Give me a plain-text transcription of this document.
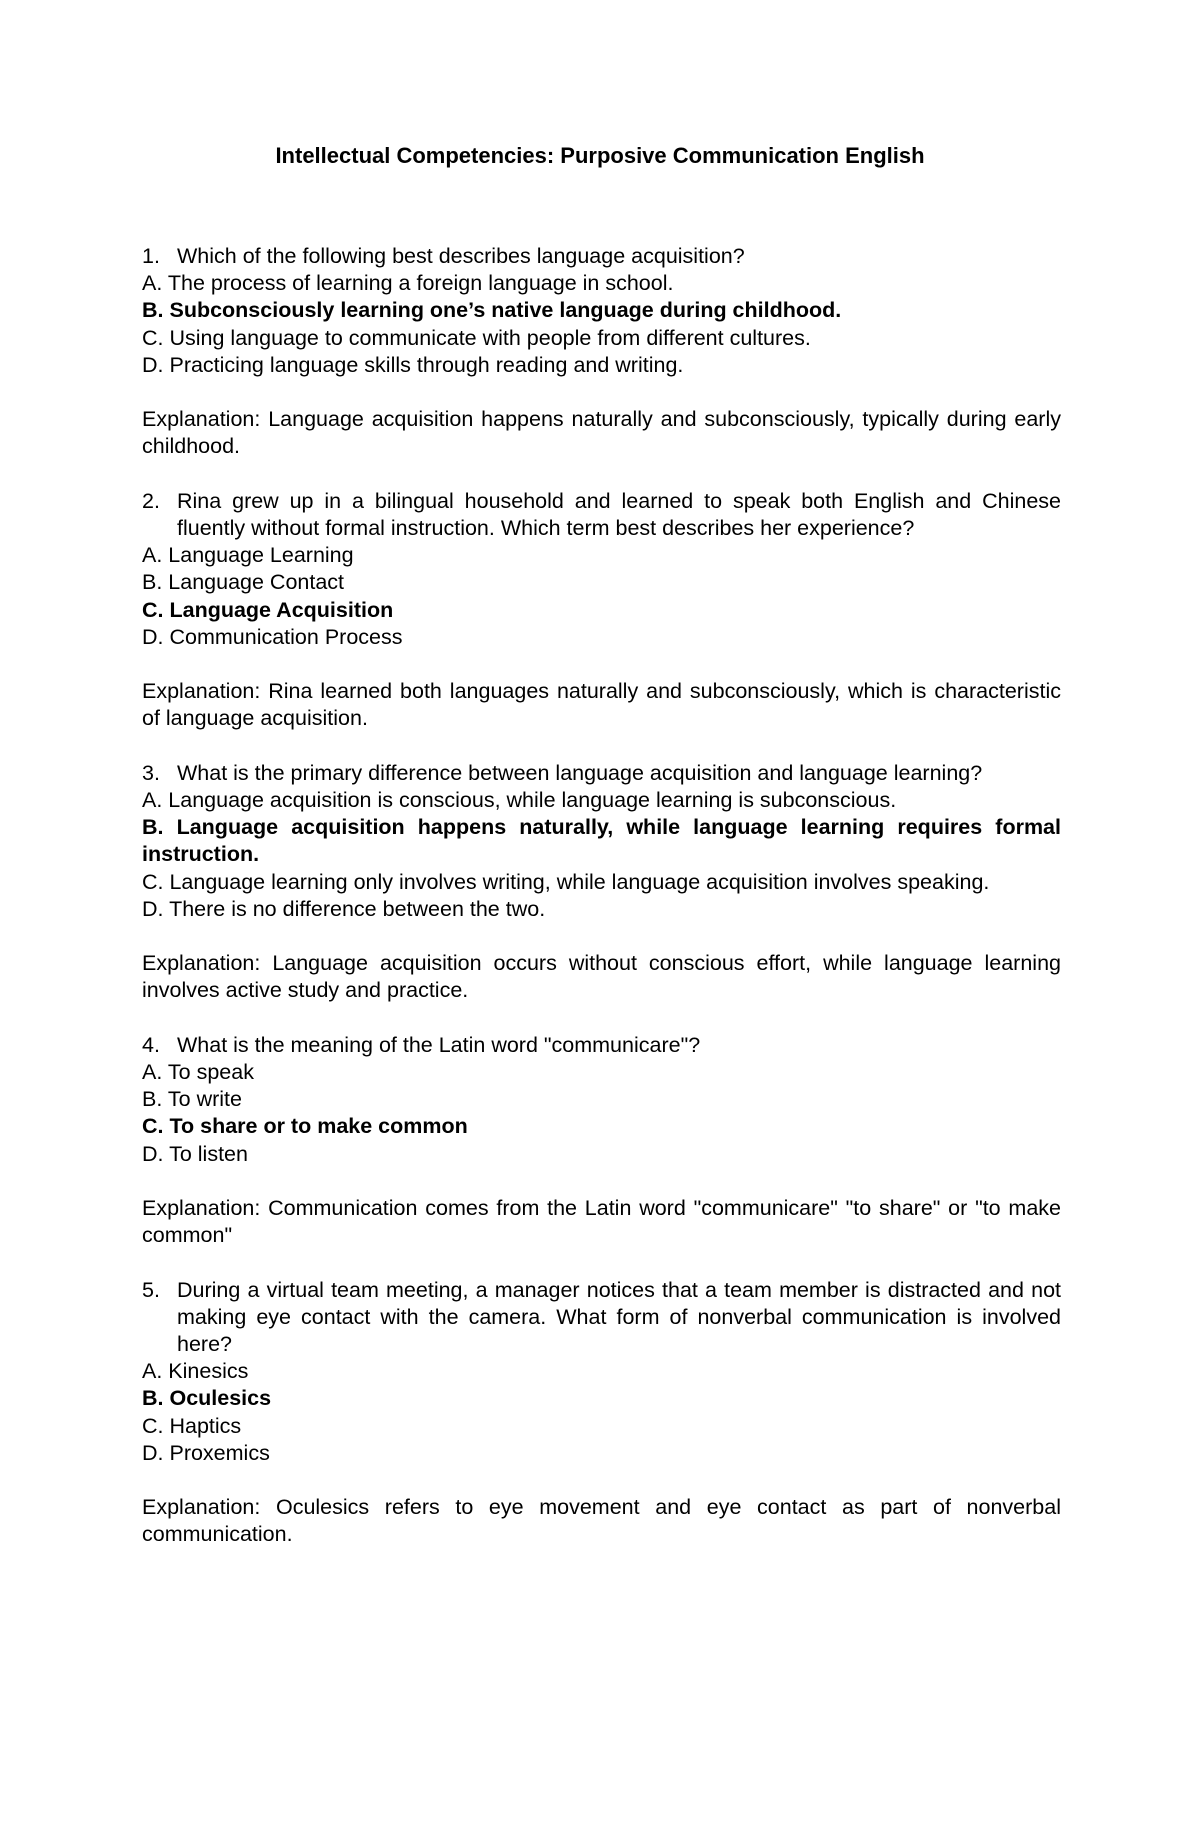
Intellectual Competencies: Purposive Communication English
1. Which of the following best describes language acquisition?
A. The process of learning a foreign language in school.
B. Subconsciously learning one’s native language during childhood.
C. Using language to communicate with people from different cultures.
D. Practicing language skills through reading and writing.
Explanation: Language acquisition happens naturally and subconsciously, typically during early childhood.
2. Rina grew up in a bilingual household and learned to speak both English and Chinese fluently without formal instruction. Which term best describes her experience?
A. Language Learning
B. Language Contact
C. Language Acquisition
D. Communication Process
Explanation: Rina learned both languages naturally and subconsciously, which is characteristic of language acquisition.
3. What is the primary difference between language acquisition and language learning?
A. Language acquisition is conscious, while language learning is subconscious.
B. Language acquisition happens naturally, while language learning requires formal instruction.
C. Language learning only involves writing, while language acquisition involves speaking.
D. There is no difference between the two.
Explanation: Language acquisition occurs without conscious effort, while language learning involves active study and practice.
4. What is the meaning of the Latin word "communicare"?
A. To speak
B. To write
C. To share or to make common
D. To listen
Explanation: Communication comes from the Latin word "communicare" "to share" or "to make common"
5. During a virtual team meeting, a manager notices that a team member is distracted and not making eye contact with the camera. What form of nonverbal communication is involved here?
A. Kinesics
B. Oculesics
C. Haptics
D. Proxemics
Explanation: Oculesics refers to eye movement and eye contact as part of nonverbal communication.
